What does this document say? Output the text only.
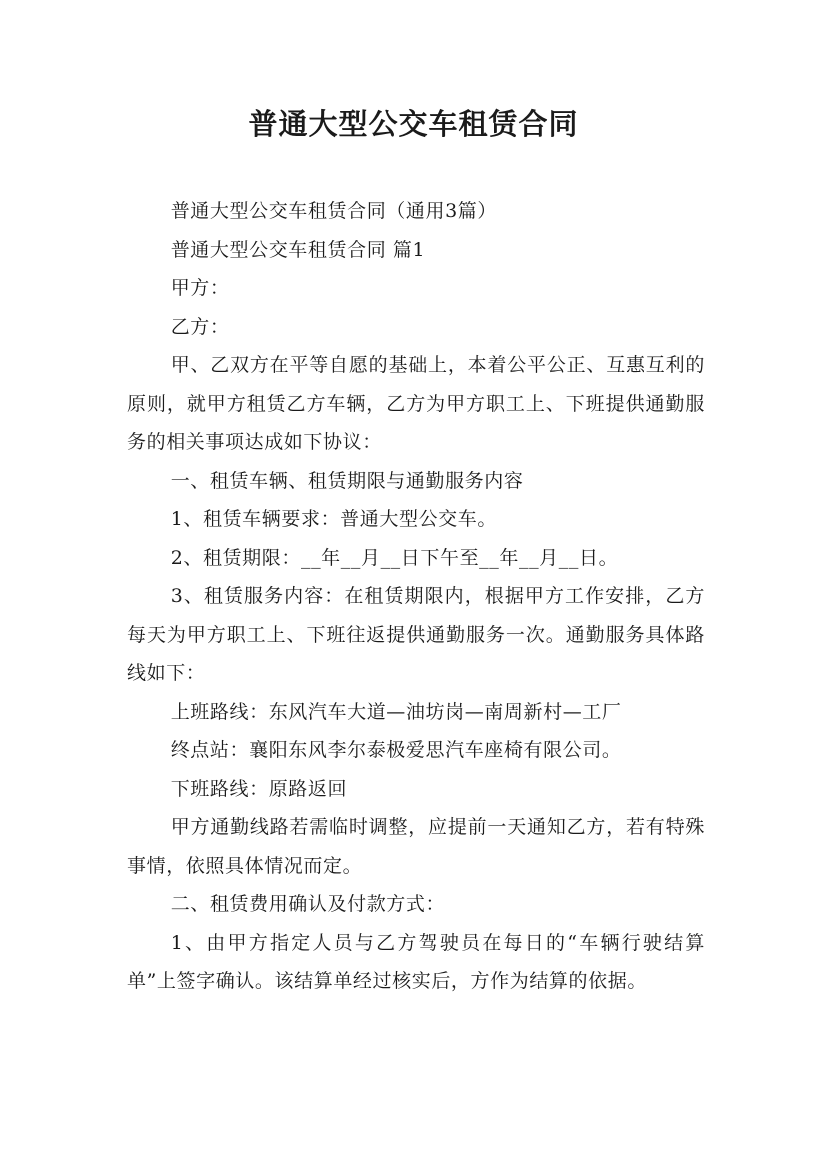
普通大型公交车租赁合同

普通大型公交车租赁合同（通用3篇）

普通大型公交车租赁合同 篇1

甲方：

乙方：

甲、乙双方在平等自愿的基础上，本着公平公正、互惠互利的原则，就甲方租赁乙方车辆，乙方为甲方职工上、下班提供通勤服务的相关事项达成如下协议：

一、租赁车辆、租赁期限与通勤服务内容

1、租赁车辆要求：普通大型公交车。

2、租赁期限：__年__月__日下午至__年__月__日。

3、租赁服务内容：在租赁期限内，根据甲方工作安排，乙方每天为甲方职工上、下班往返提供通勤服务一次。通勤服务具体路线如下：

上班路线：东风汽车大道—油坊岗—南周新村—工厂

终点站：襄阳东风李尔泰极爱思汽车座椅有限公司。

下班路线：原路返回

甲方通勤线路若需临时调整，应提前一天通知乙方，若有特殊事情，依照具体情况而定。

二、租赁费用确认及付款方式：

1、由甲方指定人员与乙方驾驶员在每日的“车辆行驶结算单”上签字确认。该结算单经过核实后，方作为结算的依据。
